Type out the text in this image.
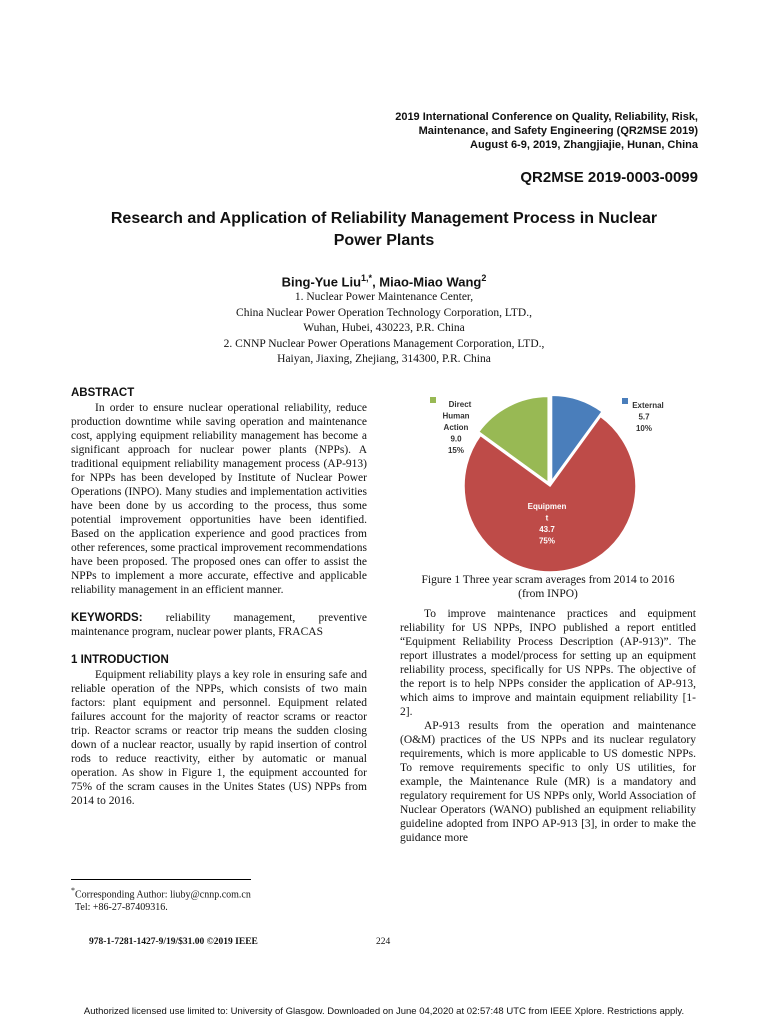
2019 International Conference on Quality, Reliability, Risk,
Maintenance, and Safety Engineering (QR2MSE 2019)
August 6-9, 2019, Zhangjiajie, Hunan, China
QR2MSE 2019-0003-0099
Research and Application of Reliability Management Process in Nuclear
Power Plants
Bing-Yue Liu$^{1,*}$, Miao-Miao Wang$^2$
1. Nuclear Power Maintenance Center,
China Nuclear Power Operation Technology Corporation, LTD.,
Wuhan, Hubei, 430223, P.R. China
2. CNNP Nuclear Power Operations Management Corporation, LTD.,
Haiyan, Jiaxing, Zhejiang, 314300, P.R. China
ABSTRACT

In order to ensure nuclear operational reliability, reduce production downtime while saving operation and maintenance cost, applying equipment reliability management has become a significant approach for nuclear power plants (NPPs). A traditional equipment reliability management process (AP-913) for NPPs has been developed by Institute of Nuclear Power Operations (INPO). Many studies and implementation activities have been done by us according to the process, thus some potential improvement opportunities have been identified. Based on the application experience and good practices from other references, some practical improvement recommendations have been proposed. The proposed ones can offer to assist the NPPs to implement a more accurate, effective and applicable reliability management in an efficient manner.

KEYWORDS: reliability management, preventive maintenance program, nuclear power plants, FRACAS

1 INTRODUCTION

Equipment reliability plays a key role in ensuring safe and reliable operation of the NPPs, which consists of two main factors: plant equipment and personnel. Equipment related failures account for the majority of reactor scrams or reactor trip. Reactor scrams or reactor trip means the sudden closing down of a nuclear reactor, usually by rapid insertion of control rods to reduce reactivity, either by automatic or manual operation. As show in Figure 1, the equipment accounted for 75% of the scram causes in the Unites States (US) NPPs from 2014 to 2016.

External 5.7 10%
Equipmen t 43.7 75%
Direct Human Action 9.0 15%
Figure 1 Three year scram averages from 2014 to 2016
(from INPO)

To improve maintenance practices and equipment reliability for US NPPs, INPO published a report entitled “Equipment Reliability Process Description (AP-913)”. The report illustrates a model/process for setting up an equipment reliability process, specifically for US NPPs. The objective of the report is to help NPPs consider the application of AP-913, which aims to improve and maintain equipment reliability [1-2].

AP-913 results from the operation and maintenance (O&M) practices of the US NPPs and its nuclear regulatory requirements, which is more applicable to US domestic NPPs. To remove requirements specific to only US utilities, for example, the Maintenance Rule (MR) is a mandatory and regulatory requirement for US NPPs only, World Association of Nuclear Operators (WANO) published an equipment reliability guideline adopted from INPO AP-913 [3], in order to make the guidance more

*Corresponding Author: liuby@cnnp.com.cn
Tel: +86-27-87409316.
978-1-7281-1427-9/19/$31.00 ©2019 IEEE	224
Authorized licensed use limited to: University of Glasgow. Downloaded on June 04,2020 at 02:57:48 UTC from IEEE Xplore. Restrictions apply.
